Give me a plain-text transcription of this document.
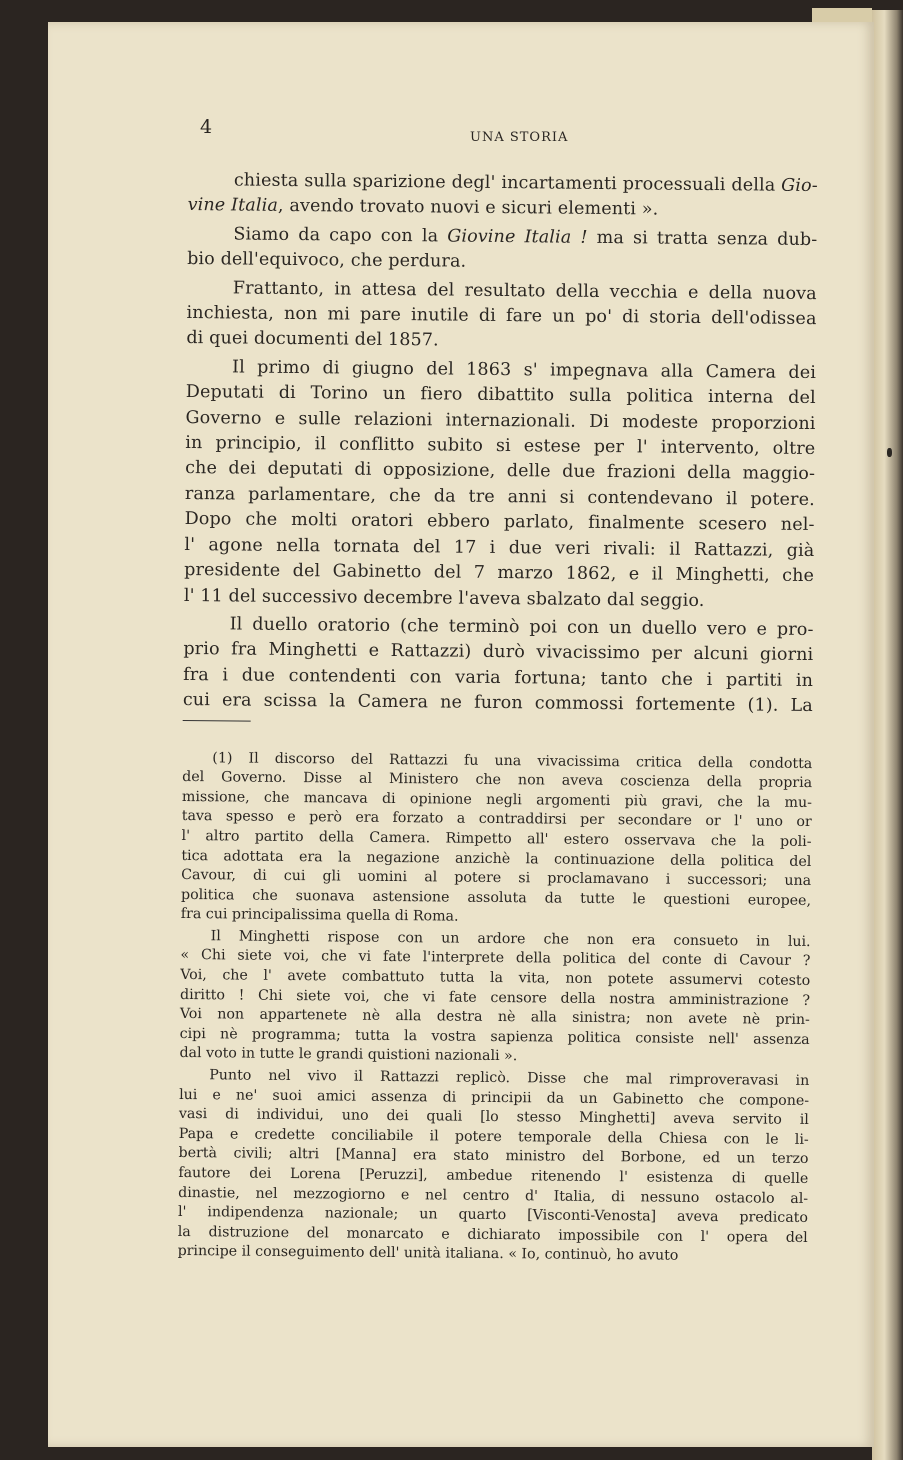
4	UNA STORIA
chiesta sulla sparizione degl' incartamenti processuali della Gio-
vine Italia, avendo trovato nuovi e sicuri elementi ».
Siamo da capo con la Giovine Italia ! ma si tratta senza dub-
bio dell'equivoco, che perdura.
Frattanto, in attesa del resultato della vecchia e della nuova
inchiesta, non mi pare inutile di fare un po' di storia dell'odissea
di quei documenti del 1857.
Il primo di giugno del 1863 s' impegnava alla Camera dei
Deputati di Torino un fiero dibattito sulla politica interna del
Governo e sulle relazioni internazionali. Di modeste proporzioni
in principio, il conflitto subito si estese per l' intervento, oltre
che dei deputati di opposizione, delle due frazioni della maggio-
ranza parlamentare, che da tre anni si contendevano il potere.
Dopo che molti oratori ebbero parlato, finalmente scesero nel-
l' agone nella tornata del 17 i due veri rivali: il Rattazzi, già
presidente del Gabinetto del 7 marzo 1862, e il Minghetti, che
l' 11 del successivo decembre l'aveva sbalzato dal seggio.
Il duello oratorio (che terminò poi con un duello vero e pro-
prio fra Minghetti e Rattazzi) durò vivacissimo per alcuni giorni
fra i due contendenti con varia fortuna; tanto che i partiti in
cui era scissa la Camera ne furon commossi fortemente (1). La
(1) Il discorso del Rattazzi fu una vivacissima critica della condotta
del Governo. Disse al Ministero che non aveva coscienza della propria
missione, che mancava di opinione negli argomenti più gravi, che la mu-
tava spesso e però era forzato a contraddirsi per secondare or l' uno or
l' altro partito della Camera. Rimpetto all' estero osservava che la poli-
tica adottata era la negazione anzichè la continuazione della politica del
Cavour, di cui gli uomini al potere si proclamavano i successori; una
politica che suonava astensione assoluta da tutte le questioni europee,
fra cui principalissima quella di Roma.
Il Minghetti rispose con un ardore che non era consueto in lui.
« Chi siete voi, che vi fate l'interprete della politica del conte di Cavour ?
Voi, che l' avete combattuto tutta la vita, non potete assumervi cotesto
diritto ! Chi siete voi, che vi fate censore della nostra amministrazione ?
Voi non appartenete nè alla destra nè alla sinistra; non avete nè prin-
cipi nè programma; tutta la vostra sapienza politica consiste nell' assenza
dal voto in tutte le grandi quistioni nazionali ».
Punto nel vivo il Rattazzi replicò. Disse che mal rimproveravasi in
lui e ne' suoi amici assenza di principii da un Gabinetto che compone-
vasi di individui, uno dei quali [lo stesso Minghetti] aveva servito il
Papa e credette conciliabile il potere temporale della Chiesa con le li-
bertà civili; altri [Manna] era stato ministro del Borbone, ed un terzo
fautore dei Lorena [Peruzzi], ambedue ritenendo l' esistenza di quelle
dinastie, nel mezzogiorno e nel centro d' Italia, di nessuno ostacolo al-
l' indipendenza nazionale; un quarto [Visconti-Venosta] aveva predicato
la distruzione del monarcato e dichiarato impossibile con l' opera del
principe il conseguimento dell' unità italiana. « Io, continuò, ho avuto
